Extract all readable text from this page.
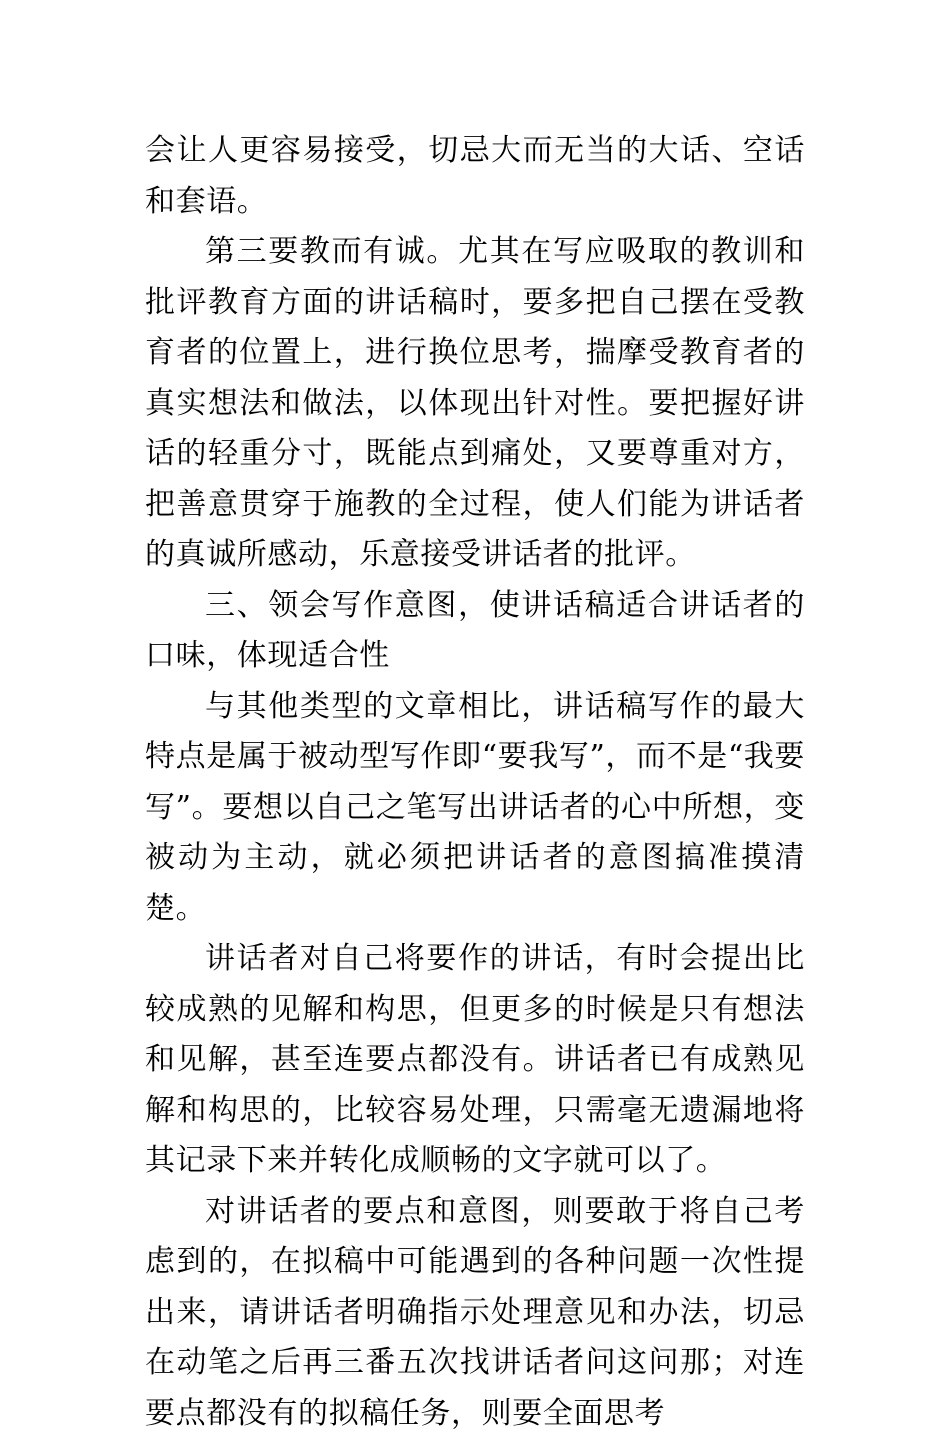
会让人更容易接受，切忌大而无当的大话、空话和套语。

第三要教而有诚。尤其在写应吸取的教训和批评教育方面的讲话稿时，要多把自己摆在受教育者的位置上，进行换位思考，揣摩受教育者的真实想法和做法，以体现出针对性。要把握好讲话的轻重分寸，既能点到痛处，又要尊重对方，把善意贯穿于施教的全过程，使人们能为讲话者的真诚所感动，乐意接受讲话者的批评。

三、领会写作意图，使讲话稿适合讲话者的口味，体现适合性

与其他类型的文章相比，讲话稿写作的最大特点是属于被动型写作即“要我写”，而不是“我要写”。要想以自己之笔写出讲话者的心中所想，变被动为主动，就必须把讲话者的意图搞准摸清楚。

讲话者对自己将要作的讲话，有时会提出比较成熟的见解和构思，但更多的时候是只有想法和见解，甚至连要点都没有。讲话者已有成熟见解和构思的，比较容易处理，只需毫无遗漏地将其记录下来并转化成顺畅的文字就可以了。

对讲话者的要点和意图，则要敢于将自己考虑到的，在拟稿中可能遇到的各种问题一次性提出来，请讲话者明确指示处理意见和办法，切忌在动笔之后再三番五次找讲话者问这问那；对连要点都没有的拟稿任务，则要全面思考
